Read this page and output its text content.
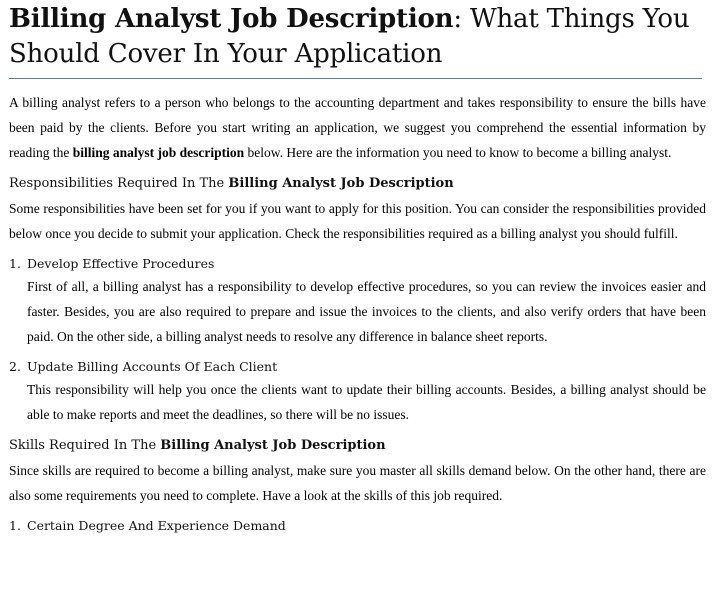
Billing Analyst Job Description: What Things You Should Cover In Your Application

A billing analyst refers to a person who belongs to the accounting department and takes responsibility to ensure the bills have been paid by the clients. Before you start writing an application, we suggest you comprehend the essential information by reading the billing analyst job description below. Here are the information you need to know to become a billing analyst.

Responsibilities Required In The Billing Analyst Job Description

Some responsibilities have been set for you if you want to apply for this position. You can consider the responsibilities provided below once you decide to submit your application. Check the responsibilities required as a billing analyst you should fulfill.

1. Develop Effective Procedures

First of all, a billing analyst has a responsibility to develop effective procedures, so you can review the invoices easier and faster. Besides, you are also required to prepare and issue the invoices to the clients, and also verify orders that have been paid. On the other side, a billing analyst needs to resolve any difference in balance sheet reports.

2. Update Billing Accounts Of Each Client

This responsibility will help you once the clients want to update their billing accounts. Besides, a billing analyst should be able to make reports and meet the deadlines, so there will be no issues.

Skills Required In The Billing Analyst Job Description

Since skills are required to become a billing analyst, make sure you master all skills demand below. On the other hand, there are also some requirements you need to complete. Have a look at the skills of this job required.

1. Certain Degree And Experience Demand
